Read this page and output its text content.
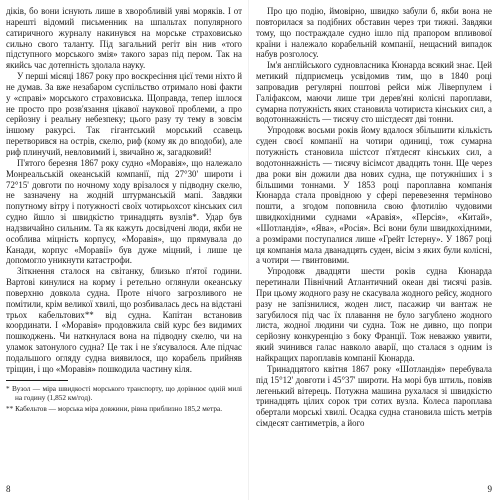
діків, бо вони існують лише в хворобливій уяві моряків. І от нарешті відомий письменник на шпальтах популярного сатиричного журналу накинувся на морське страховисько сильно свого таланту. Під загальний регіт він нив «того підступного морського змія» такого зараз під пером. Так на якийсь час дотепність здолала науку.

У перші місяці 1867 року про воскресіння цієї теми ніхто й не думав. За вже незабаром суспільство отримало нові факти у «справі» морського страховиська. Щоправда, тепер ішлося не просто про розв'язання цікавої наукової проблеми, а про серйозну і реальну небезпеку; цього разу ту тему в зовсім іншому ракурсі. Так гігантський морський ссавець перетворився на острів, скелю, риф (кому як до вподоби), але риф плинучий, невловимий і, звичайно ж, загадковий!

П'ятого березня 1867 року судно «Моравія», що належало Монреальській океанській компанії, під 27°30' широти і 72°15' довготи по ночному ходу врізалося у підводну скелю, не зазначену на жодній штурманській мапі. Завдяки попутному вітру і потужності своїх чотирьохсот кінських сил судно йшло зі швидкістю тринадцять вузлів*. Удар був надзвичайно сильним. Та як кажуть досвідчені люди, якби не особлива міцність корпусу, «Моравія», що прямувала до Канади, корпус «Моравії» був дуже міцний, і лише це допомогло уникнути катастрофи.

Зіткнення сталося на світанку, близько п'ятої години. Вартові кинулися на корму і ретельно оглянули океанську поверхню довкола судна. Проте нічого загрозливого не помітили, крім великої хвилі, що розбивалась десь на відстані трьох кабельтових** від судна. Капітан встановив координати. І «Моравія» продовжила свій курс без видимих пошкоджень. Чи наткнулася вона на підводну скелю, чи на уламок затонулого судна? Це так і не з'ясувалося. Але підчас подальшого огляду судна виявилося, що корабель прийняв тріщин, і що «Моравія» пошкодила частину кіля.

* Вузол — міра швидкості морського транспорту, що дорівнює одній милі на годину (1,852 км/год).
** Кабельтов — морська міра довжини, рівна приблизно 185,2 метра.
8

Про цю подію, ймовірно, швидко забули б, якби вона не повторилася за подібних обставин через три тижні. Завдяки тому, що постраждале судно ішло під прапором впливової країни і належало корабельній компанії, нещасний випадок набув розголосу.

Ім'я англійського судновласника Кюнарда всякий знає. Цей метикий підприємець усвідомив тим, що в 1840 році запровадив регулярні поштові рейси між Ліверпулем і Галіфаксом, маючи лише три дерев'яні колісні пароплави, сумарна потужність яких становила чотириста кінських сил, а водотоннажність — тисячу сто шістдесят дві тонни.

Упродовж восьми років йому вдалося збільшити кількість суден своєї компанії на чотири одиниці, тож сумарна потужність становила шістсот п'ятдесят кінських сил, а водотоннажність — тисячу вісімсот двадцять тонн. Ще через два роки він дожили два нових судна, ще потужніших і з більшими тоннами. У 1853 році пароплавна компанія Кюнарда стала провідною у сфері перевезення терміново пошти, а згодом поповнила свою флотилію чудовими швидкохідними суднами «Аравія», «Персія», «Китай», «Шотландія», «Ява», «Росія». Всі вони були швидкохідними, а розмірами поступалися лише «Грейт Істерну». У 1867 році ця компанія мала дванадцять суден, вісім з яких були колісні, а чотири — гвинтовими.

Упродовж двадцяти шести років судна Кюнарда перетинали Північний Атлантичний океан дві тисячі разів. При цьому жодного разу не скасувала жодного рейсу, жодного разу не запізнилися, жоден лист, пасажир чи вантаж не загубилося під час їх плавання не було загублено жодного листа, жодної людини чи судна. Тож не дивно, що попри серйозну конкуренцію з боку Франції. Тож неважко уявити, який зчинився галас навколо аварії, що сталася з одним із найкращих пароплавів компанії Кюнарда.

Тринадцятого квітня 1867 року «Шотландія» перебувала під 15°12' довготи і 45°37' широти. На морі був штиль, повіяв легенький вітерець. Потужна машина рухалася зі швидкістю тринадцять цілих сорок три сотих вузла. Колеса пароплава обертали морські хвилі. Осадка судна становила шість метрів сімдесят сантиметрів, а його

9
